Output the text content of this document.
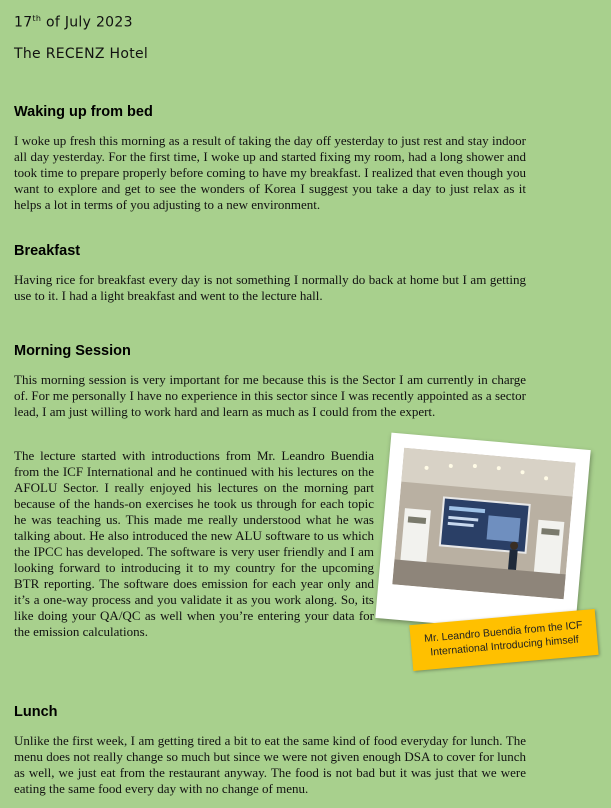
17th of July 2023
The RECENZ Hotel
Waking up from bed

I woke up fresh this morning as a result of taking the day off yesterday to just rest and stay indoor all day yesterday. For the first time, I woke up and started fixing my room, had a long shower and took time to prepare properly before coming to have my breakfast. I realized that even though you want to explore and get to see the wonders of Korea I suggest you take a day to just relax as it helps a lot in terms of you adjusting to a new environment.

Breakfast

Having rice for breakfast every day is not something I normally do back at home but I am getting use to it. I had a light breakfast and went to the lecture hall.

Morning Session

This morning session is very important for me because this is the Sector I am currently in charge of. For me personally I have no experience in this sector since I was recently appointed as a sector lead, I am just willing to work hard and learn as much as I could from the expert.

The lecture started with introductions from Mr. Leandro Buendia from the ICF International and he continued with his lectures on the AFOLU Sector. I really enjoyed his lectures on the morning part because of the hands-on exercises he took us through for each topic he was teaching us. This made me really understood what he was talking about. He also introduced the new ALU software to us which the IPCC has developed. The software is very user friendly and I am looking forward to introducing it to my country for the upcoming BTR reporting. The software does emission for each year only and it’s a one-way process and you validate it as you work along. So, its like doing your QA/QC as well when you’re entering your data for the emission calculations.	Mr. Leandro Buendia from the ICF International Introducing himself
Lunch

Unlike the first week, I am getting tired a bit to eat the same kind of food everyday for lunch. The menu does not really change so much but since we were not given enough DSA to cover for lunch as well, we just eat from the restaurant anyway. The food is not bad but it was just that we were eating the same food every day with no change of menu.
